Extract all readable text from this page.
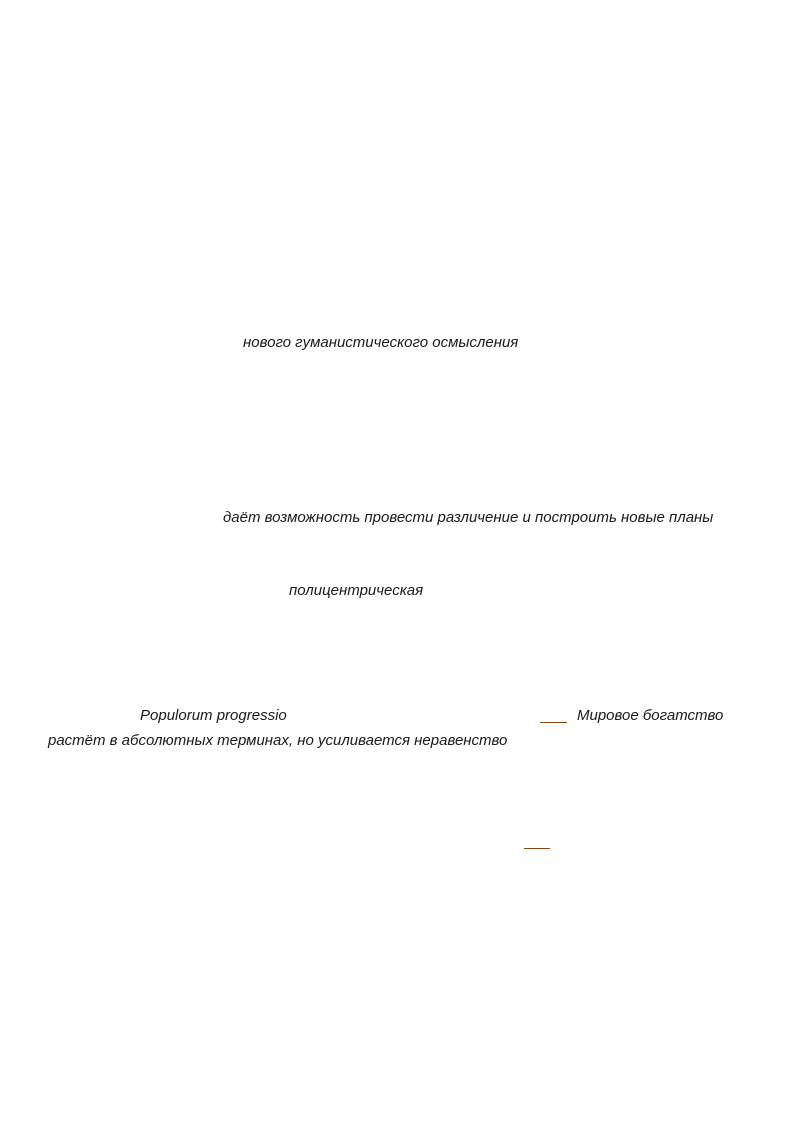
нового гуманистического осмысления
даёт возможность провести различение и построить новые планы
полицентрическая
Populorum progressio	Мировое богатство
растёт в абсолютных терминах, но усиливается неравенство
